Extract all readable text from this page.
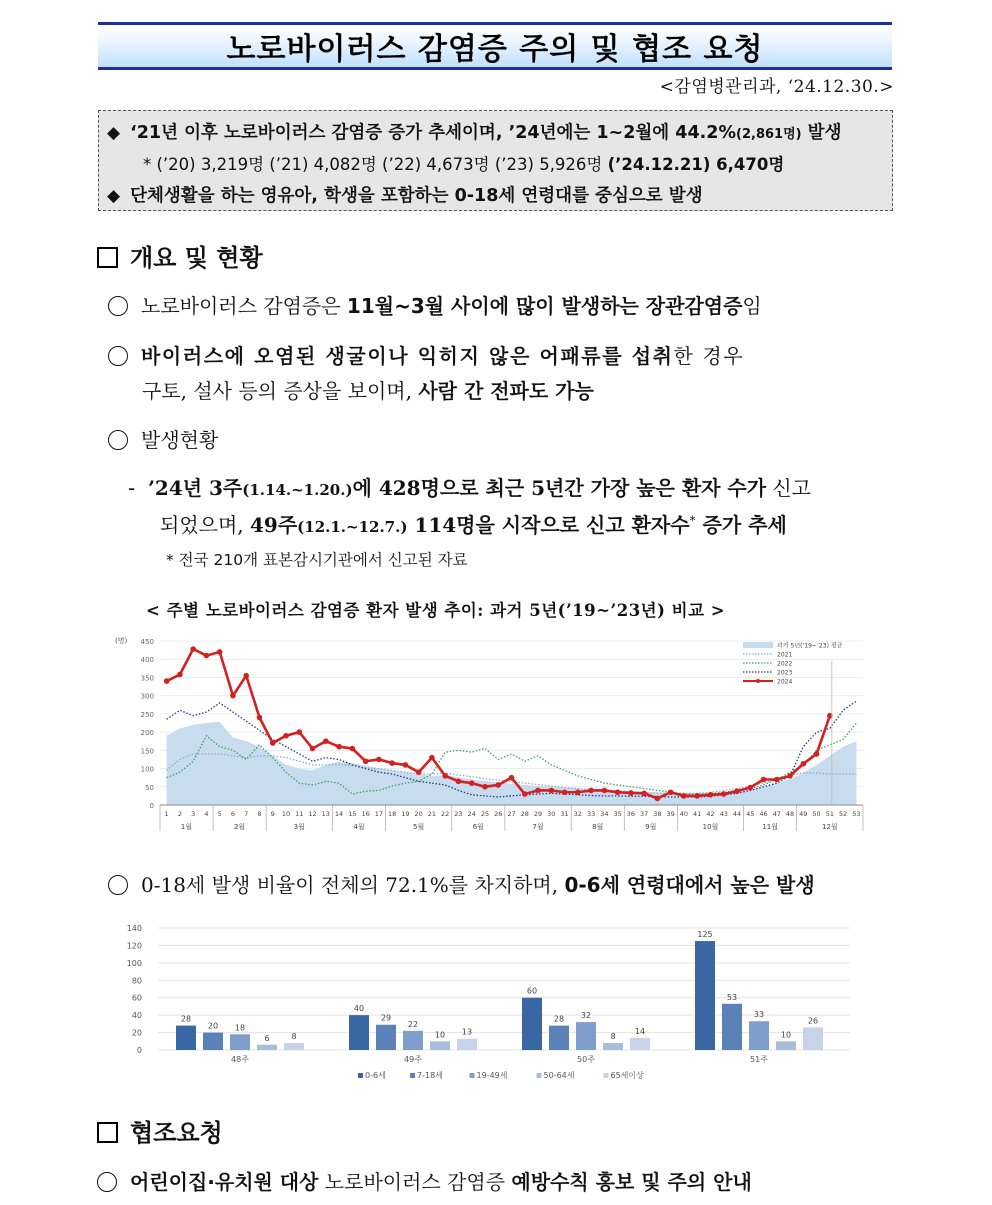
노로바이러스 감염증 주의 및 협조 요청
<감염병관리과, ‘24.12.30.>
◆ ‘21년 이후 노로바이러스 감염증 증가 추세이며, ’24년에는 1~2월에 44.2%(2,861명) 발생
* (’20) 3,219명 (’21) 4,082명 (’22) 4,673명 (’23) 5,926명 (’24.12.21) 6,470명
◆ 단체생활을 하는 영유아, 학생을 포함하는 0-18세 연령대를 중심으로 발생
개요 및 현황
노로바이러스 감염증은 11월~3월 사이에 많이 발생하는 장관감염증임
바이러스에 오염된 생굴이나 익히지 않은 어패류를 섭취한 경우
구토, 설사 등의 증상을 보이며, 사람 간 전파도 가능
발생현황
- ’24년 3주(1.14.~1.20.)에 428명으로 최근 5년간 가장 높은 환자 수가 신고
되었으며, 49주(12.1.~12.7.) 114명을 시작으로 신고 환자수* 증가 추세
* 전국 210개 표본감시기관에서 신고된 자료
< 주별 노로바이러스 감염증 환자 발생 추이: 과거 5년(’19~’23년) 비교 >
0
50
100
150
200
250
300
350
400
450
(명)
1 2 3 4 5 6 7 8 9 10 11 12 13 14 15 16 17 18 19 20 21 22 23 24 25 26 27 28 29 30 31 32 33 34 35 36 37 38 39 40 41 42 43 44 45 46 47 48 49 50 51 52 53
1월	2월	3월	4월	5월	6월	7월	8월	9월	10월	11월	12월
과거 5년(’19~’23) 평균
2021
2022
2023
2024
0-18세 발생 비율이 전체의 72.1%를 차지하며, 0-6세 연령대에서 높은 발생
0
20
40
60
80
100
120
140
28
20 18
6	8
48주
40
29
22
10 13
49주
60
28 32
8
14
50주
125
53
33
10
26
51주
0-6세	7-18세	19-49세	50-64세	65세이상
협조요청
어린이집·유치원 대상 노로바이러스 감염증 예방수칙 홍보 및 주의 안내
